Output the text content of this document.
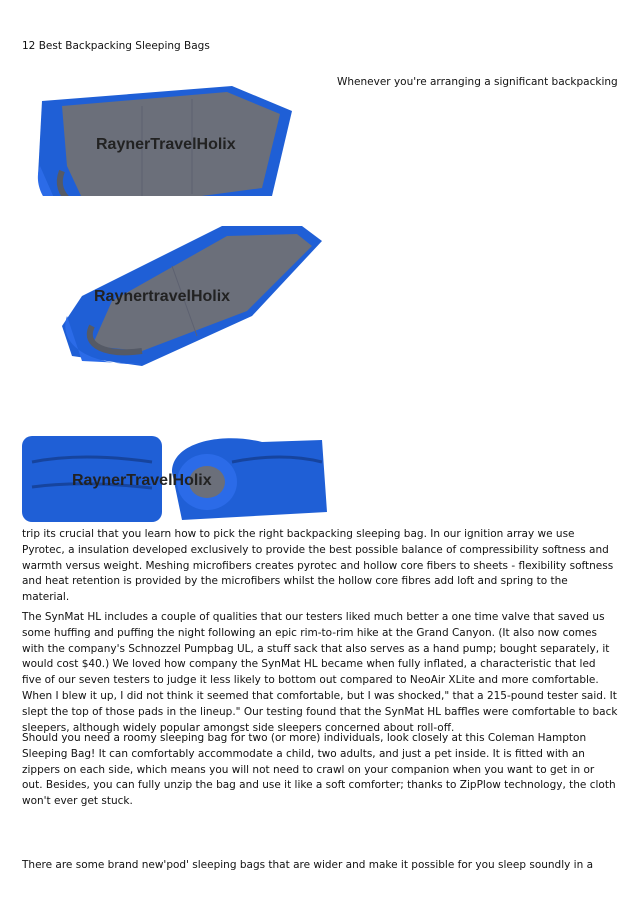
12 Best Backpacking Sleeping Bags
Whenever you're arranging a significant backpacking
RaynerTravelHolix
RaynertravelHolix
RaynerTravelHolix

trip its crucial that you learn how to pick the right backpacking sleeping bag. In our ignition array we use Pyrotec, a insulation developed exclusively to provide the best possible balance of compressibility softness and warmth versus weight. Meshing microfibers creates pyrotec and hollow core fibers to sheets - flexibility softness and heat retention is provided by the microfibers whilst the hollow core fibres add loft and spring to the material.

The SynMat HL includes a couple of qualities that our testers liked much better a one time valve that saved us some huffing and puffing the night following an epic rim-to-rim hike at the Grand Canyon. (It also now comes with the company's Schnozzel Pumpbag UL, a stuff sack that also serves as a hand pump; bought separately, it would cost $40.) We loved how company the SynMat HL became when fully inflated, a characteristic that led five of our seven testers to judge it less likely to bottom out compared to NeoAir XLite and more comfortable. When I blew it up, I did not think it seemed that comfortable, but I was shocked," that a 215-pound tester said. It slept the top of those pads in the lineup." Our testing found that the SynMat HL baffles were comfortable to back sleepers, although widely popular amongst side sleepers concerned about roll-off.

Should you need a roomy sleeping bag for two (or more) individuals, look closely at this Coleman Hampton Sleeping Bag! It can comfortably accommodate a child, two adults, and just a pet inside. It is fitted with an zippers on each side, which means you will not need to crawl on your companion when you want to get in or out. Besides, you can fully unzip the bag and use it like a soft comforter; thanks to ZipPlow technology, the cloth won't ever get stuck.

There are some brand new'pod' sleeping bags that are wider and make it possible for you sleep soundly in a
